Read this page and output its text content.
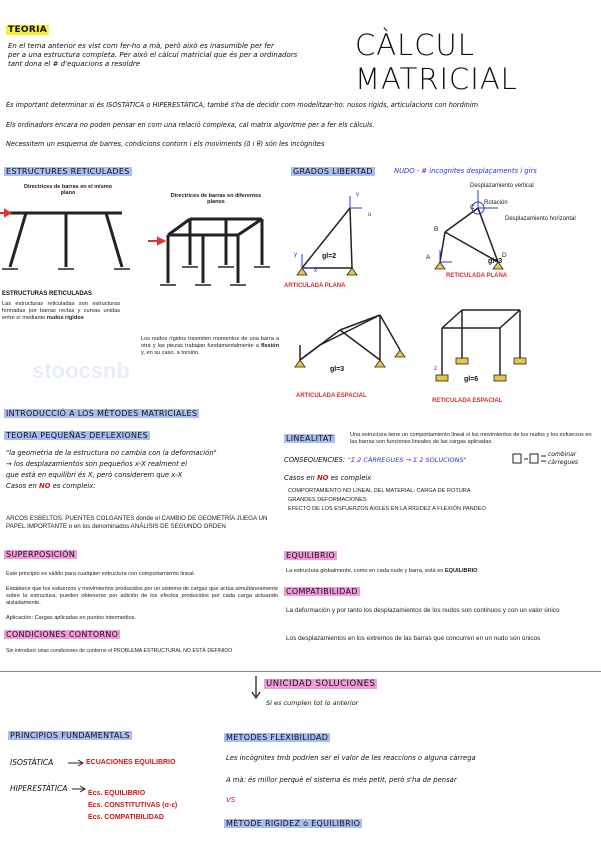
CÀLCUL MATRICIAL
TEORIA
En el tema anterior es vist com fer-ho a mà, però això es inasumible per fer
per a una estructura completa. Per això el càlcul matricial que és per a ordinadors
tant dona el # d'equacions a resoldre
És important determinar si és ISOSTÀTICA o HIPERESTÀTICA, també s'ha de decidir com modelitzar-ho: nusos rígids, articulacions con hordinim
Els ordinadors encara no poden pensar en com una relació complexa, cal matrix algoritme per a fer els càlculs.
Necessitem un esquema de barres, condicions contorn i els moviments (δ i θ) són les incògnites
ESTRUCTURES RETICULADES
Directrices de barras en el mismo plano	Directrices de barras en diferentes planos
ESTRUCTURAS RETICULADAS
Las estructuras reticuladas son estructuras formadas por barras rectas y curvas unidas entre sí mediante nudos rígidos
Los nudos rígidos trasmiten momentos de una barra a otra y las piezas trabajan fundamentalmente a flexión y, en su caso, a torsión.
GRADOS LIBERTAD	NUDO - # incognites desplaçaments i girs
Desplazamiento vertical
Rotación
Desplazamiento horizontal
gl=2
gl=3
ARTICULADA PLANA
RETICULADA PLANA
gl=3
gl=6
ARTICULADA ESPACIAL
RETICULADA ESPACIAL
A
B
C
D
y
x
z
u
v
stoocsnb
INTRODUCCIÓ A LOS MÈTODES MATRICIALES
TEORIA PEQUEÑAS DEFLEXIONES
"la geometria de la estructura no cambia con la deformación"
→ los desplazamientos son pequeños x-X realment el
que està en equilibri és X, però considerem que x-X
Casos en NO es compleix:
ARCOS ESBELTOS. PUENTES COLGANTES donde el CAMBIO DE GEOMETRÍA JUEGA UN PAPEL IMPORTANTE o en los denominados ANÁLISIS DE SEGUNDO ORDEN
LINEALITAT	Una estructura tiene un comportamiento lineal si los movimientos de los nudos y los esfuerzos en las barras son funciones lineales de las cargas aplicadas.
CONSEQUENCIES: "Σ 2 CÀRREGUES → Σ 2 SOLUCIONS"
combinar càrregues
Casos en NO es compleix
COMPORTAMIENTO NO LINEAL DEL MATERIAL: CARGA DE ROTURA
GRANDES DEFORMACIONES
EFECTO DE LOS ESFUERZOS AXILES EN LA RIGIDEZ A FLEXIÓN PANDEO
SUPERPOSICIÓN
Este principio es válido para cualquier estructura con comportamiento lineal.
Establece que los esfuerzos y movimientos producidos por un sistema de cargas que actúa simultáneamente sobre la estructura, pueden obtenerse por adición de los efectos producidos por cada carga actuando aisladamente.
Aplicación: Cargas aplicadas en puntos intermedios.
EQUILIBRIO
La estructura globalmente, como en cada nudo y barra, está en EQUILIBRIO
COMPATIBILIDAD
La deformación y por tanto los desplazamientos de los nudos son continuos y con un valor único
Los desplazamientos en los extremos de las barras que concurren en un nudo son únicos
CONDICIONES CONTORNO
Sin introducir unas condiciones de contorno el PROBLEMA ESTRUCTURAL NO ESTÁ DEFINIDO
UNICIDAD SOLUCIONES
Si es cumplen tot lo anterior
PRINCIPIOS FUNDAMENTALS
ISOSTÀTICA	ECUACIONES EQUILIBRIO
HIPERESTÀTICA
Ecs. EQUILIBRIO
Ecs. CONSTITUTIVAS (σ-ε)
Ecs. COMPATIBILIDAD
METODES FLEXIBILIDAD
Les incògnites tmb podrien ser el valor de les reaccions o alguna càrrega
A mà: és millor perquè el sistema és més petit, però s'ha de pensar
VS
MÈTODE RIGIDEZ o EQUILIBRIO
